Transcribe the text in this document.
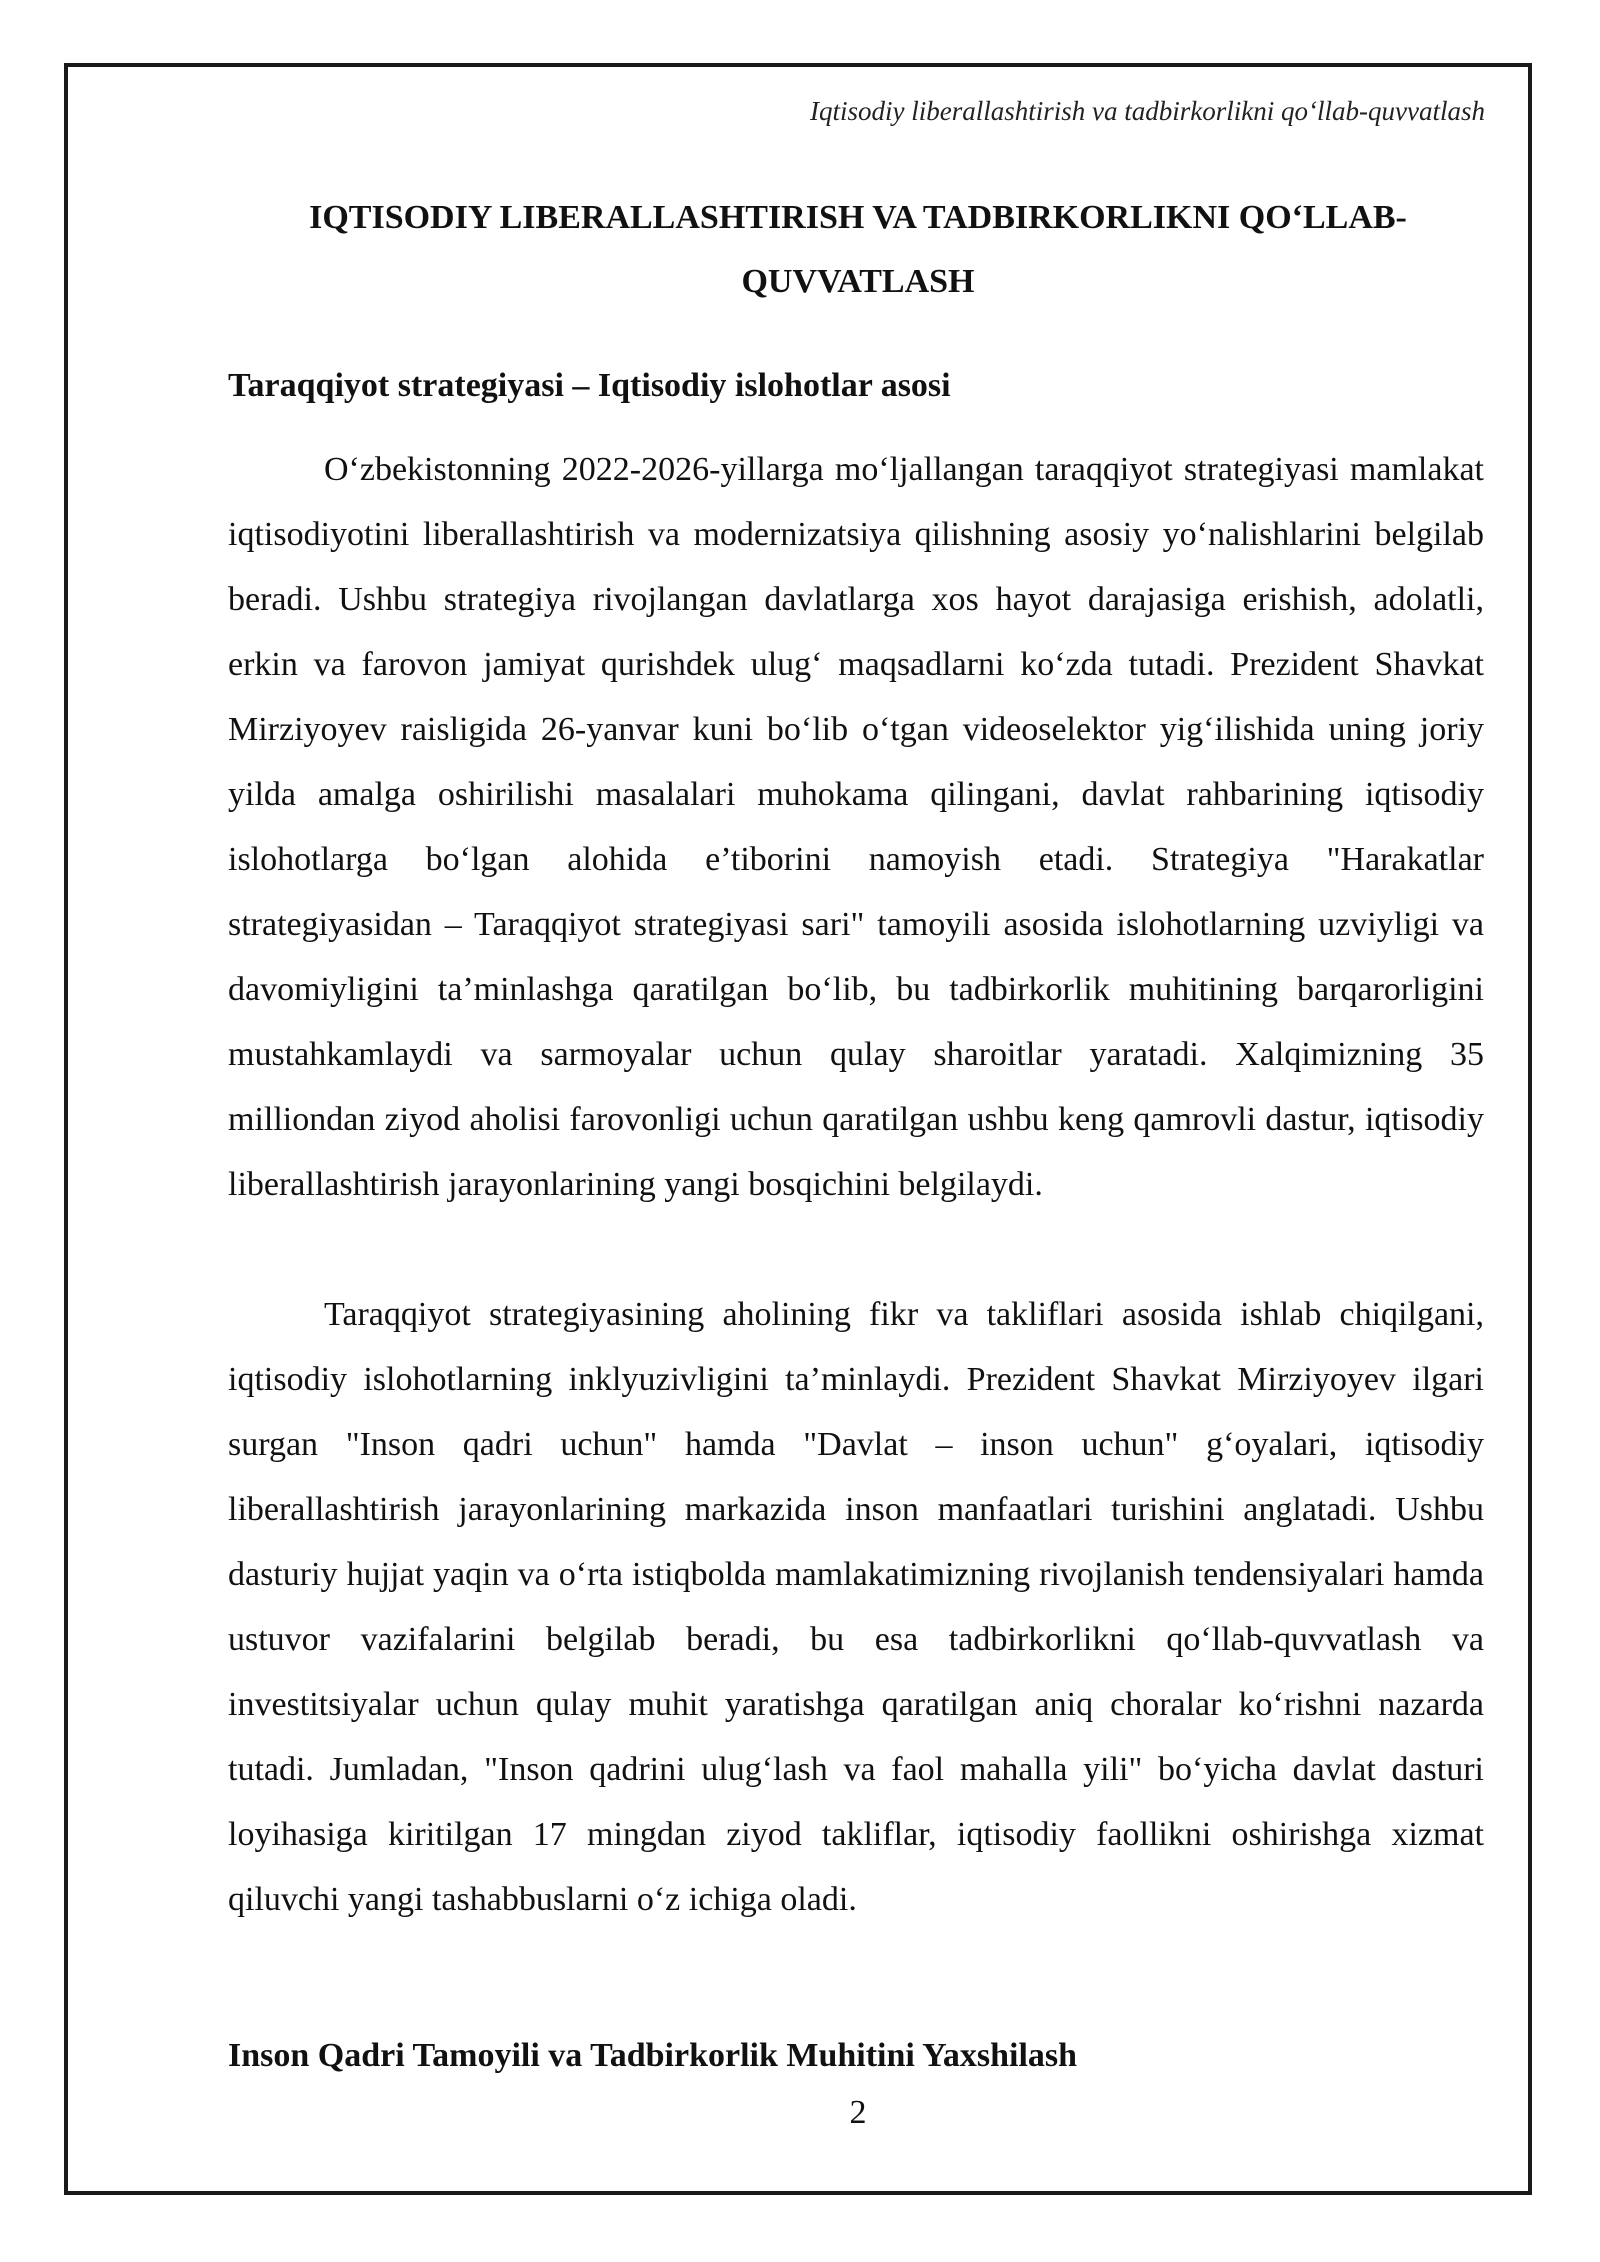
Iqtisodiy liberallashtirish va tadbirkorlikni qo‘llab-quvvatlash
IQTISODIY LIBERALLASHTIRISH VA TADBIRKORLIKNI QO‘LLAB-QUVVATLASH
Taraqqiyot strategiyasi – Iqtisodiy islohotlar asosi

O‘zbekistonning 2022-2026-yillarga mo‘ljallangan taraqqiyot strategiyasi mamlakat iqtisodiyotini liberallashtirish va modernizatsiya qilishning asosiy yo‘nalishlarini belgilab beradi. Ushbu strategiya rivojlangan davlatlarga xos hayot darajasiga erishish, adolatli, erkin va farovon jamiyat qurishdek ulug‘ maqsadlarni ko‘zda tutadi. Prezident Shavkat Mirziyoyev raisligida 26-yanvar kuni bo‘lib o‘tgan videoselektor yig‘ilishida uning joriy yilda amalga oshirilishi masalalari muhokama qilingani, davlat rahbarining iqtisodiy islohotlarga bo‘lgan alohida e’tiborini namoyish etadi. Strategiya "Harakatlar strategiyasidan – Taraqqiyot strategiyasi sari" tamoyili asosida islohotlarning uzviyligi va davomiyligini ta’minlashga qaratilgan bo‘lib, bu tadbirkorlik muhitining barqarorligini mustahkamlaydi va sarmoyalar uchun qulay sharoitlar yaratadi. Xalqimizning 35 milliondan ziyod aholisi farovonligi uchun qaratilgan ushbu keng qamrovli dastur, iqtisodiy liberallashtirish jarayonlarining yangi bosqichini belgilaydi.

Taraqqiyot strategiyasining aholining fikr va takliflari asosida ishlab chiqilgani, iqtisodiy islohotlarning inklyuzivligini ta’minlaydi. Prezident Shavkat Mirziyoyev ilgari surgan "Inson qadri uchun" hamda "Davlat – inson uchun" g‘oyalari, iqtisodiy liberallashtirish jarayonlarining markazida inson manfaatlari turishini anglatadi. Ushbu dasturiy hujjat yaqin va o‘rta istiqbolda mamlakatimizning rivojlanish tendensiyalari hamda ustuvor vazifalarini belgilab beradi, bu esa tadbirkorlikni qo‘llab-quvvatlash va investitsiyalar uchun qulay muhit yaratishga qaratilgan aniq choralar ko‘rishni nazarda tutadi. Jumladan, "Inson qadrini ulug‘lash va faol mahalla yili" bo‘yicha davlat dasturi loyihasiga kiritilgan 17 mingdan ziyod takliflar, iqtisodiy faollikni oshirishga xizmat qiluvchi yangi tashabbuslarni o‘z ichiga oladi.

Inson Qadri Tamoyili va Tadbirkorlik Muhitini Yaxshilash
2
